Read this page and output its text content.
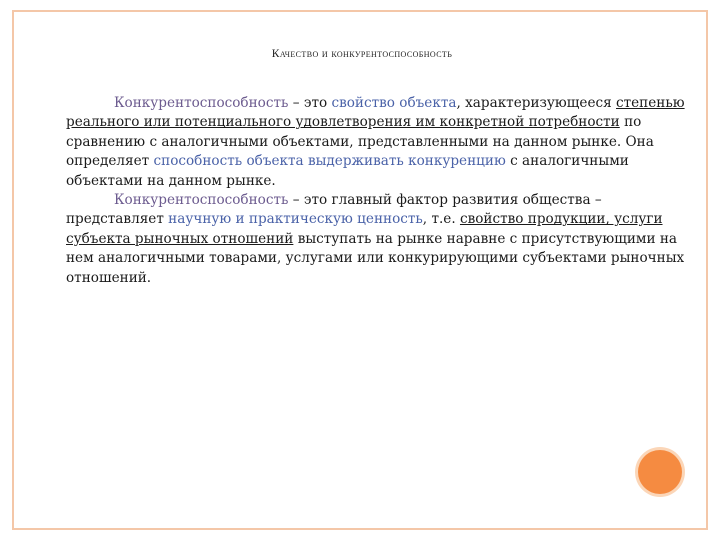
Качество и конкурентоспособность

Конкурентоспособность – это свойство объекта, характеризующееся степенью реального или потенциального удовлетворения им конкретной потребности по сравнению с аналогичными объектами, представленными на данном рынке. Она определяет способность объекта выдерживать конкуренцию с аналогичными объектами на данном рынке.

Конкурентоспособность – это главный фактор развития общества – представляет научную и практическую ценность, т.е. свойство продукции, услуги субъекта рыночных отношений выступать на рынке наравне с присутствующими на нем аналогичными товарами, услугами или конкурирующими субъектами рыночных отношений.
